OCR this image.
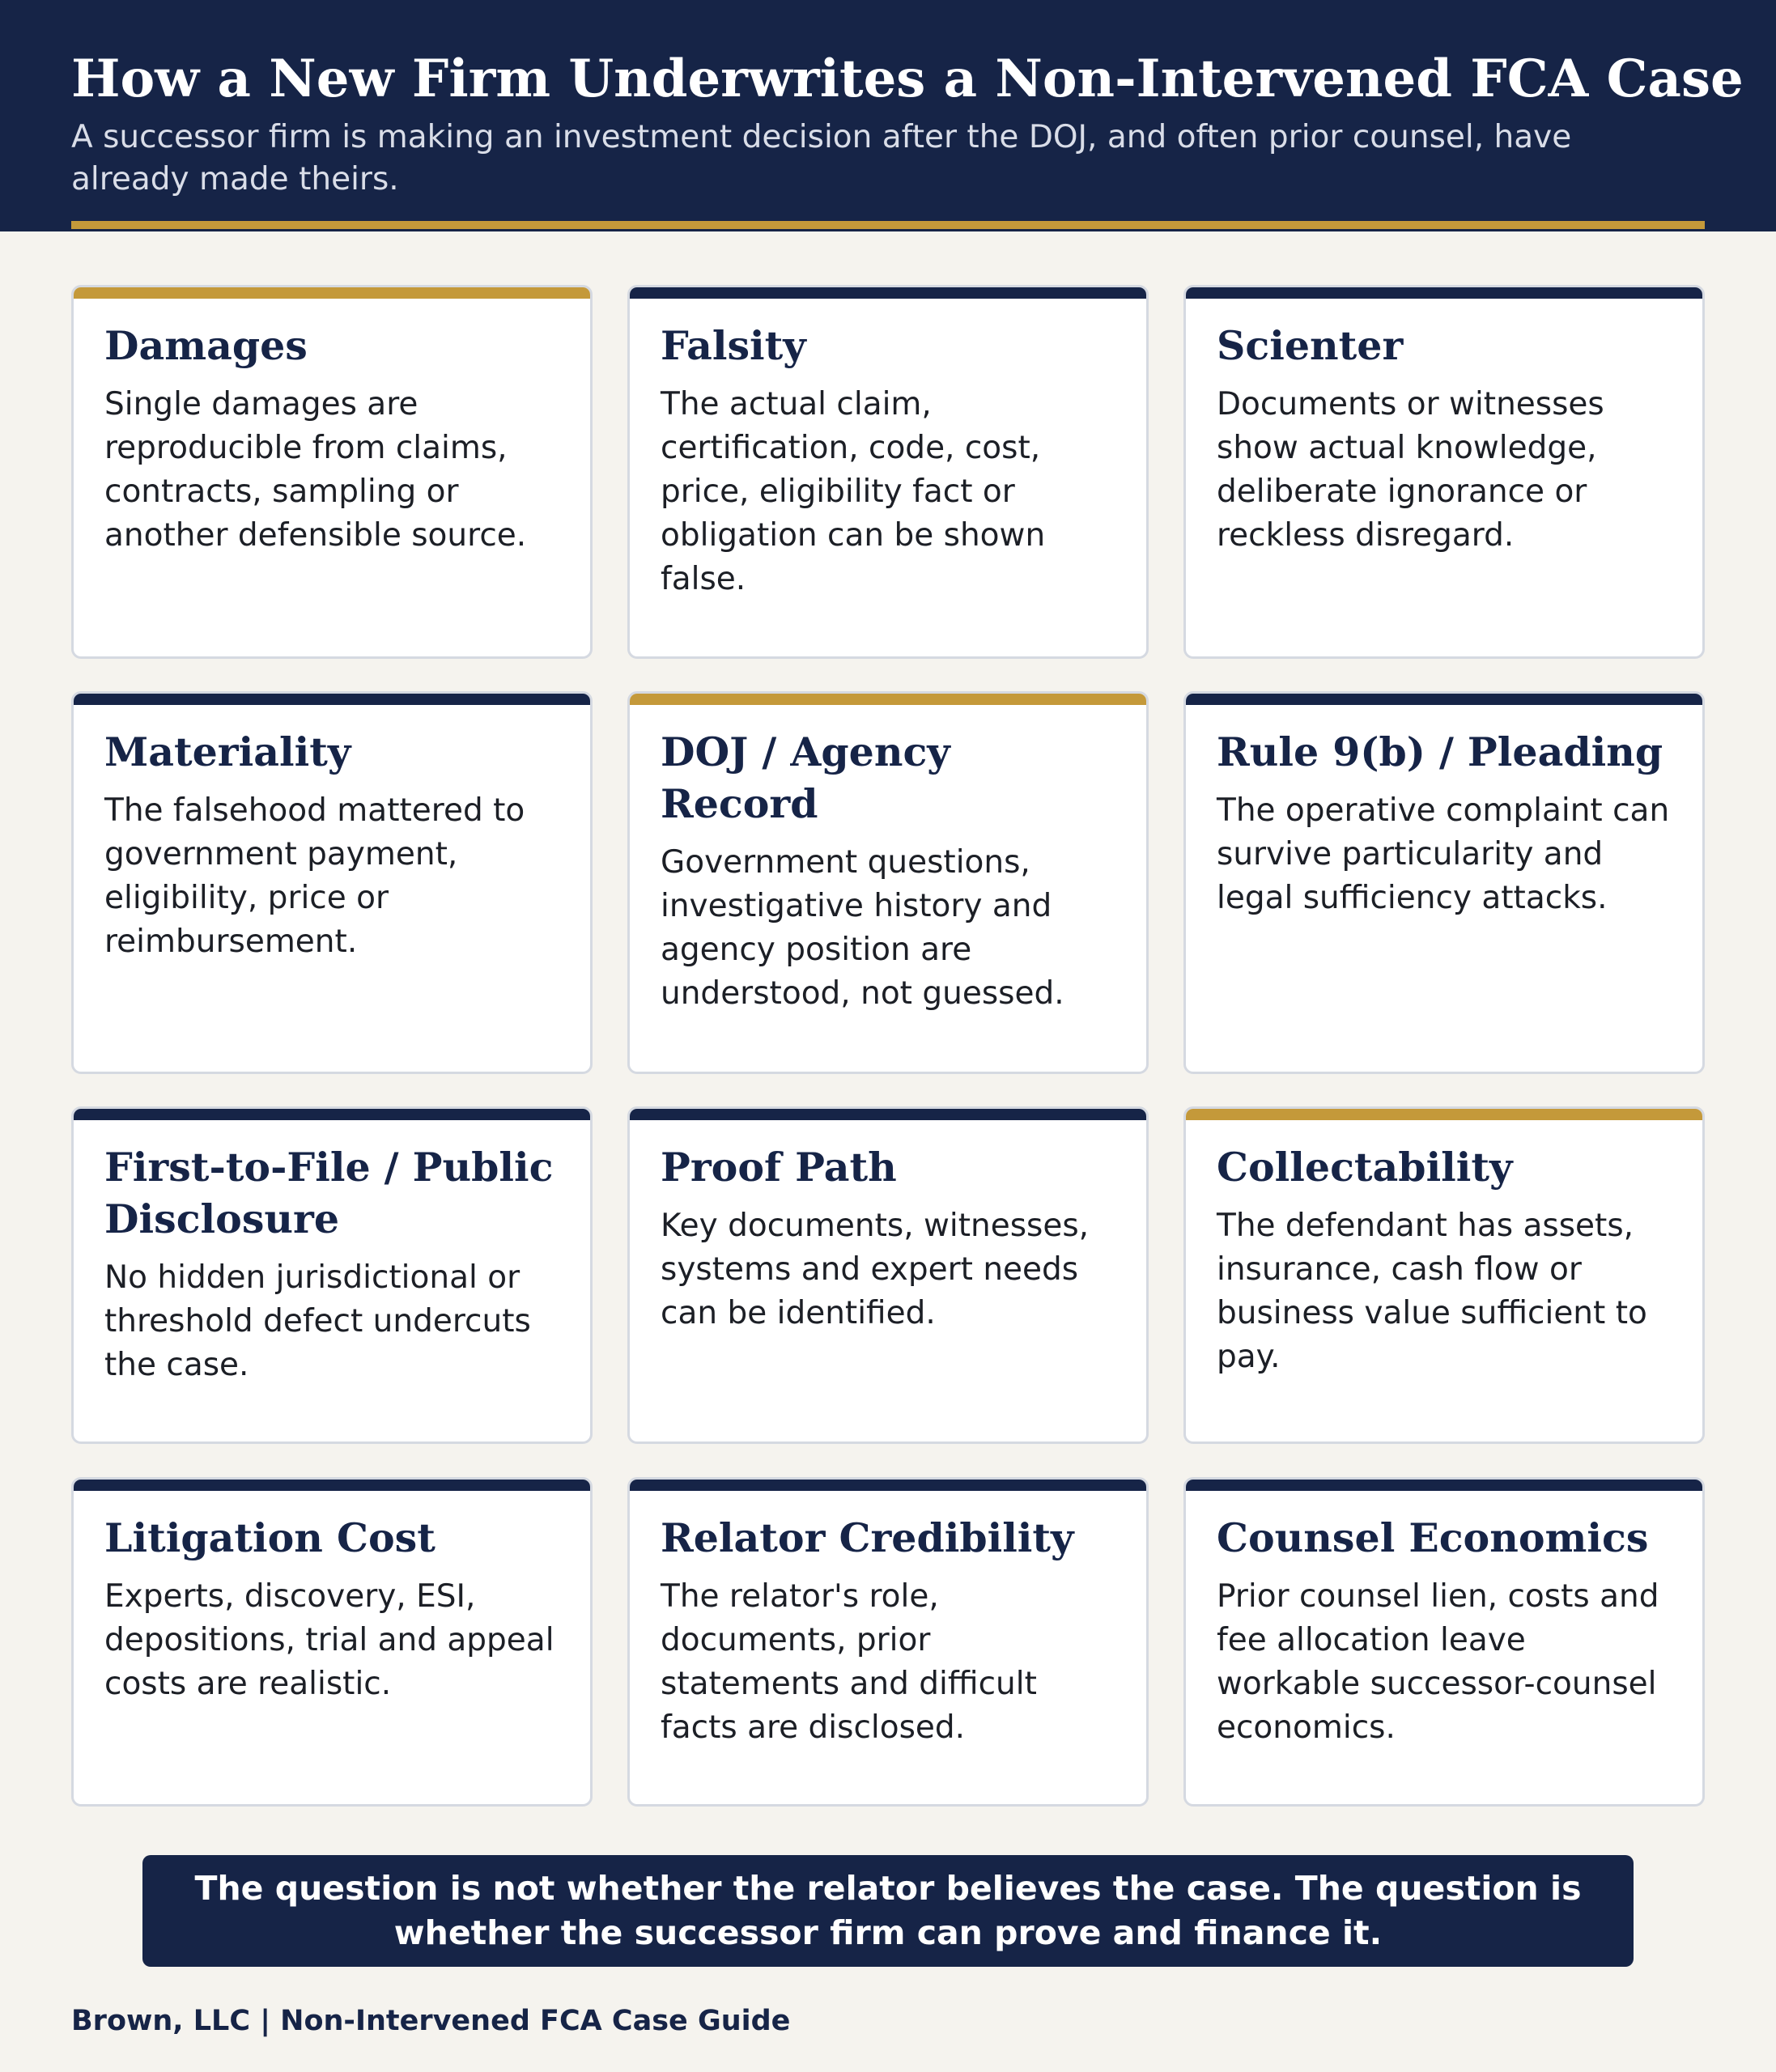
How a New Firm Underwrites a Non-Intervened FCA Case

A successor firm is making an investment decision after the DOJ, and often prior counsel, have already made theirs.

Damages

Single damages are reproducible from claims, contracts, sampling or another defensible source.

Falsity

The actual claim, certification, code, cost, price, eligibility fact or obligation can be shown false.

Scienter

Documents or witnesses show actual knowledge, deliberate ignorance or reckless disregard.

Materiality

The falsehood mattered to government payment, eligibility, price or reimbursement.

DOJ / Agency Record

Government questions, investigative history and agency position are understood, not guessed.

Rule 9(b) / Pleading

The operative complaint can survive particularity and legal sufficiency attacks.

First-to-File / Public Disclosure

No hidden jurisdictional or threshold defect undercuts the case.

Proof Path

Key documents, witnesses, systems and expert needs can be identified.

Collectability

The defendant has assets, insurance, cash flow or business value sufficient to pay.

Litigation Cost

Experts, discovery, ESI, depositions, trial and appeal costs are realistic.

Relator Credibility

The relator's role, documents, prior statements and difficult facts are disclosed.

Counsel Economics

Prior counsel lien, costs and fee allocation leave workable successor-counsel economics.

The question is not whether the relator believes the case. The question is whether the successor firm can prove and finance it.

Brown, LLC | Non-Intervened FCA Case Guide
